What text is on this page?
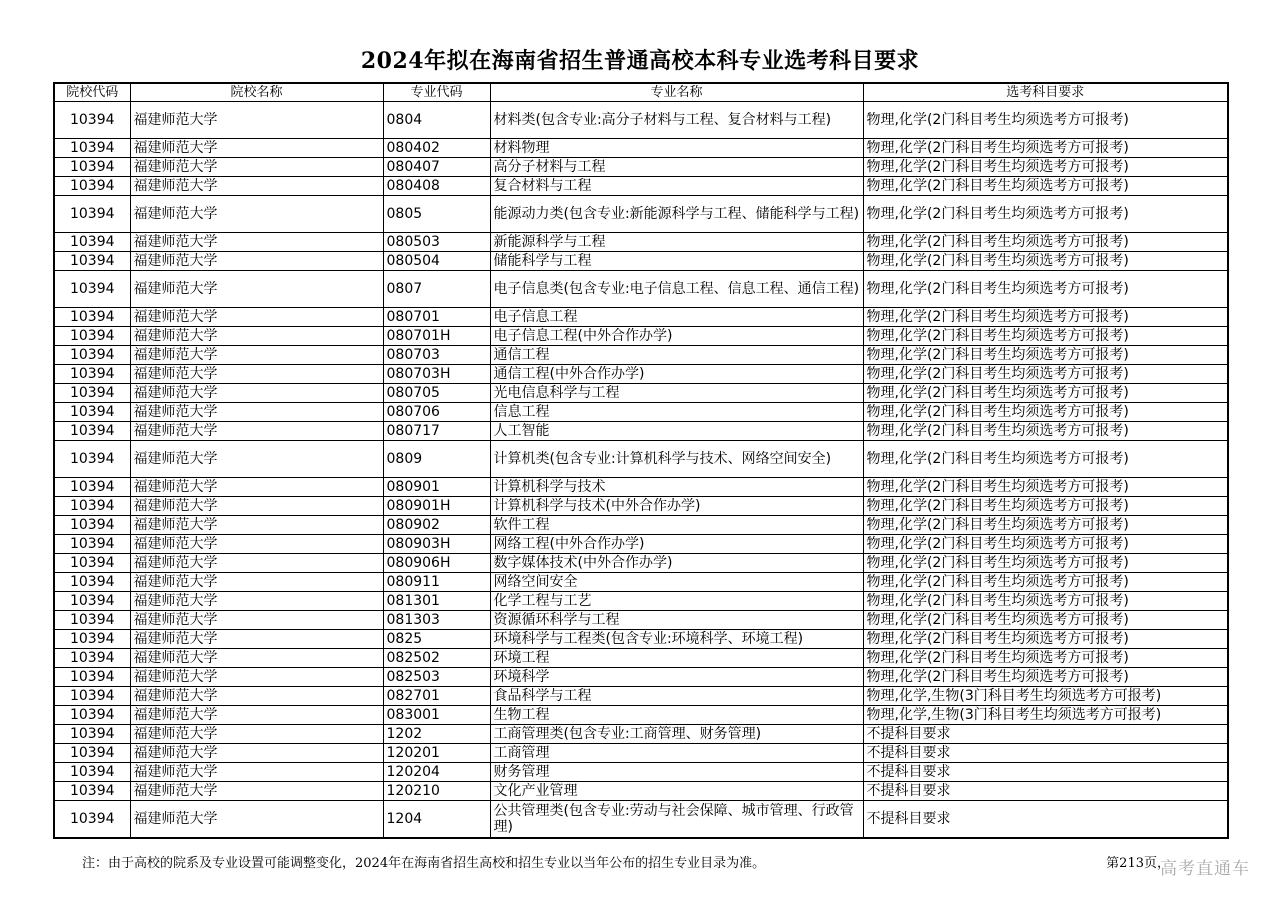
2024年拟在海南省招生普通高校本科专业选考科目要求
院校代码	院校名称	专业代码	专业名称	选考科目要求
10394	福建师范大学	0804	材料类(包含专业:高分子材料与工程、复合材料与工程)	物理,化学(2门科目考生均须选考方可报考)
10394	福建师范大学	080402	材料物理	物理,化学(2门科目考生均须选考方可报考)
10394	福建师范大学	080407	高分子材料与工程	物理,化学(2门科目考生均须选考方可报考)
10394	福建师范大学	080408	复合材料与工程	物理,化学(2门科目考生均须选考方可报考)
10394	福建师范大学	0805	能源动力类(包含专业:新能源科学与工程、储能科学与工程)	物理,化学(2门科目考生均须选考方可报考)
10394	福建师范大学	080503	新能源科学与工程	物理,化学(2门科目考生均须选考方可报考)
10394	福建师范大学	080504	储能科学与工程	物理,化学(2门科目考生均须选考方可报考)
10394	福建师范大学	0807	电子信息类(包含专业:电子信息工程、信息工程、通信工程)	物理,化学(2门科目考生均须选考方可报考)
10394	福建师范大学	080701	电子信息工程	物理,化学(2门科目考生均须选考方可报考)
10394	福建师范大学	080701H	电子信息工程(中外合作办学)	物理,化学(2门科目考生均须选考方可报考)
10394	福建师范大学	080703	通信工程	物理,化学(2门科目考生均须选考方可报考)
10394	福建师范大学	080703H	通信工程(中外合作办学)	物理,化学(2门科目考生均须选考方可报考)
10394	福建师范大学	080705	光电信息科学与工程	物理,化学(2门科目考生均须选考方可报考)
10394	福建师范大学	080706	信息工程	物理,化学(2门科目考生均须选考方可报考)
10394	福建师范大学	080717	人工智能	物理,化学(2门科目考生均须选考方可报考)
10394	福建师范大学	0809	计算机类(包含专业:计算机科学与技术、网络空间安全)	物理,化学(2门科目考生均须选考方可报考)
10394	福建师范大学	080901	计算机科学与技术	物理,化学(2门科目考生均须选考方可报考)
10394	福建师范大学	080901H	计算机科学与技术(中外合作办学)	物理,化学(2门科目考生均须选考方可报考)
10394	福建师范大学	080902	软件工程	物理,化学(2门科目考生均须选考方可报考)
10394	福建师范大学	080903H	网络工程(中外合作办学)	物理,化学(2门科目考生均须选考方可报考)
10394	福建师范大学	080906H	数字媒体技术(中外合作办学)	物理,化学(2门科目考生均须选考方可报考)
10394	福建师范大学	080911	网络空间安全	物理,化学(2门科目考生均须选考方可报考)
10394	福建师范大学	081301	化学工程与工艺	物理,化学(2门科目考生均须选考方可报考)
10394	福建师范大学	081303	资源循环科学与工程	物理,化学(2门科目考生均须选考方可报考)
10394	福建师范大学	0825	环境科学与工程类(包含专业:环境科学、环境工程)	物理,化学(2门科目考生均须选考方可报考)
10394	福建师范大学	082502	环境工程	物理,化学(2门科目考生均须选考方可报考)
10394	福建师范大学	082503	环境科学	物理,化学(2门科目考生均须选考方可报考)
10394	福建师范大学	082701	食品科学与工程	物理,化学,生物(3门科目考生均须选考方可报考)
10394	福建师范大学	083001	生物工程	物理,化学,生物(3门科目考生均须选考方可报考)
10394	福建师范大学	1202	工商管理类(包含专业:工商管理、财务管理)	不提科目要求
10394	福建师范大学	120201	工商管理	不提科目要求
10394	福建师范大学	120204	财务管理	不提科目要求
10394	福建师范大学	120210	文化产业管理	不提科目要求
10394	福建师范大学	1204	公共管理类(包含专业:劳动与社会保障、城市管理、行政管理)	不提科目要求
注：由于高校的院系及专业设置可能调整变化，2024年在海南省招生高校和招生专业以当年公布的招生专业目录为准。	第213页，
高考直通车
